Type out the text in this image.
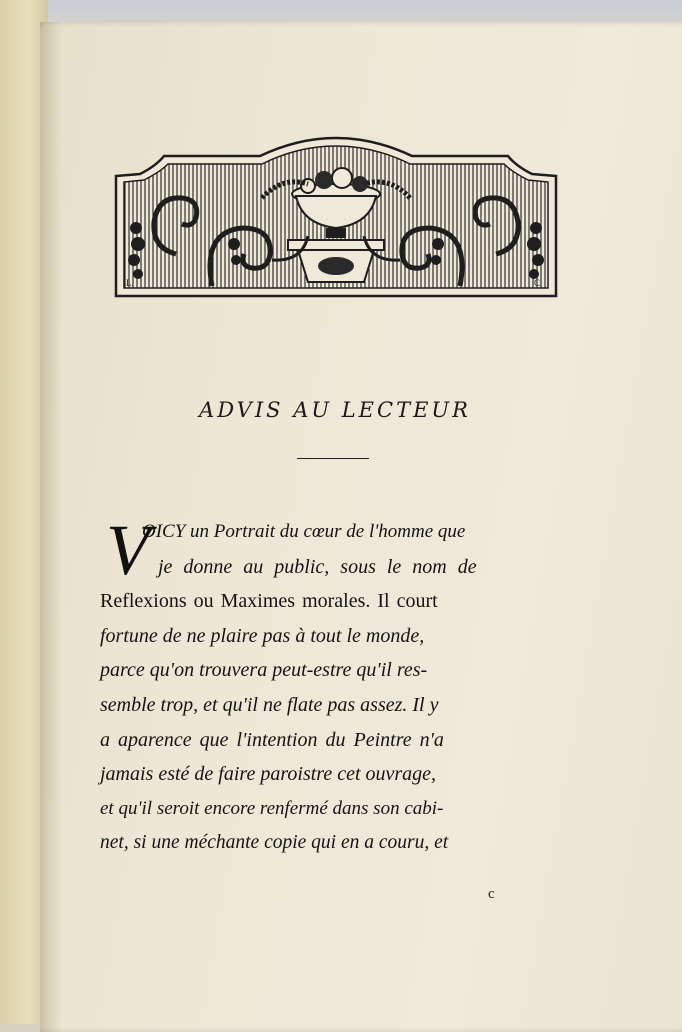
L.	C.
ADVIS AU LECTEUR
V
OICY un Portrait du cœur de l'homme que
je donne au public, sous le nom de
Reflexions ou Maximes morales. Il court
fortune de ne plaire pas à tout le monde,
parce qu'on trouvera peut-estre qu'il res-
semble trop, et qu'il ne flate pas assez. Il y
a aparence que l'intention du Peintre n'a
jamais esté de faire paroistre cet ouvrage,
et qu'il seroit encore renfermé dans son cabi-
net, si une méchante copie qui en a couru, et
c
